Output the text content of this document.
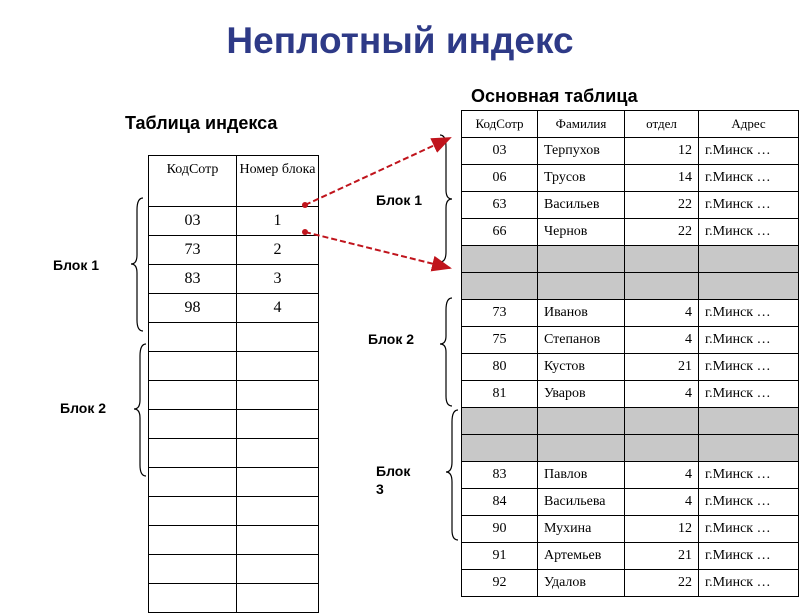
Неплотный индекс
Таблица индекса
Основная таблица
КодСотр	Номер блока
03	1
73	2
83	3
98	4

КодСотр	Фамилия	отдел	Адрес
03	Терпухов	12	г.Минск …
06	Трусов	14	г.Минск …
63	Васильев	22	г.Минск …
66	Чернов	22	г.Минск …

73	Иванов	4	г.Минск …
75	Степанов	4	г.Минск …
80	Кустов	21	г.Минск …
81	Уваров	4	г.Минск …

83	Павлов	4	г.Минск …
84	Васильева	4	г.Минск …
90	Мухина	12	г.Минск …
91	Артемьев	21	г.Минск …
92	Удалов	22	г.Минск …
Блок 1
Блок 2
Блок 1
Блок 2
Блок 3
